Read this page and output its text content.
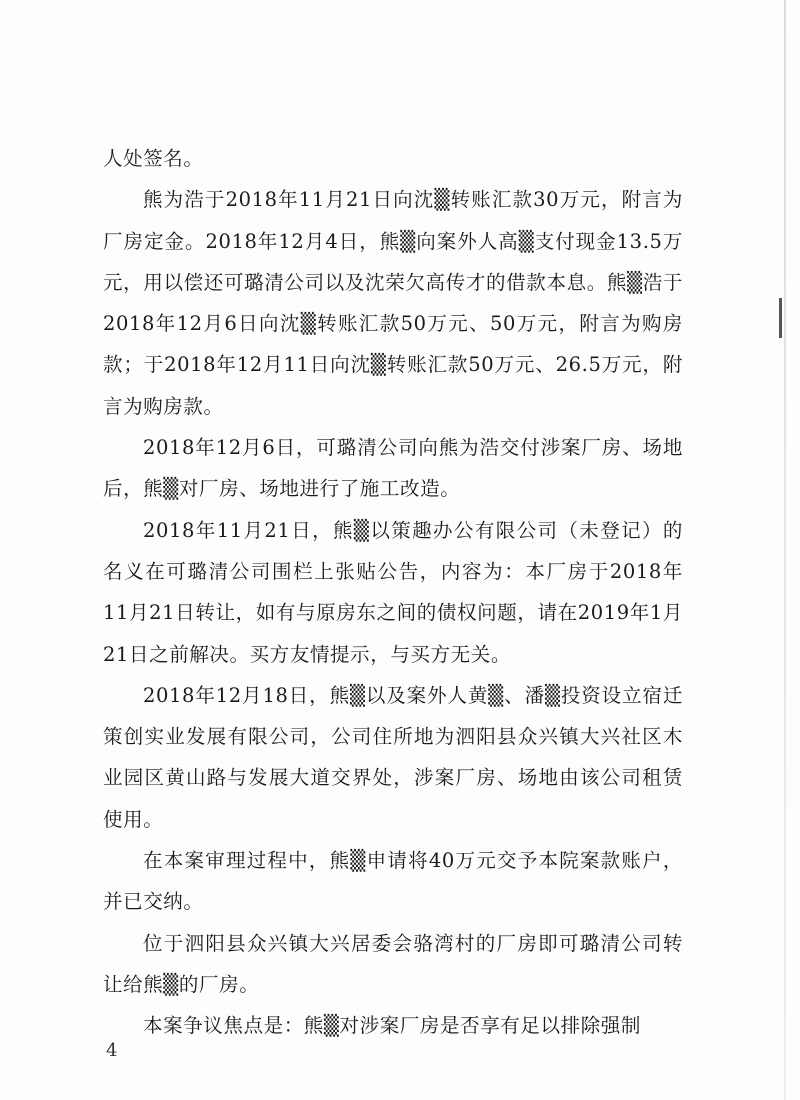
人处签名。

熊为浩于2018年11月21日向沈▒转账汇款30万元，附言为厂房定金。2018年12月4日，熊▒向案外人高▒支付现金13.5万元，用以偿还可璐清公司以及沈荣欠高传才的借款本息。熊▒浩于2018年12月6日向沈▒转账汇款50万元、50万元，附言为购房款；于2018年12月11日向沈▒转账汇款50万元、26.5万元，附言为购房款。

2018年12月6日，可璐清公司向熊为浩交付涉案厂房、场地后，熊▒对厂房、场地进行了施工改造。

2018年11月21日，熊▒以策趣办公有限公司（未登记）的名义在可璐清公司围栏上张贴公告，内容为：本厂房于2018年11月21日转让，如有与原房东之间的债权问题，请在2019年1月21日之前解决。买方友情提示，与买方无关。

2018年12月18日，熊▒以及案外人黄▒、潘▒投资设立宿迁策创实业发展有限公司，公司住所地为泗阳县众兴镇大兴社区木业园区黄山路与发展大道交界处，涉案厂房、场地由该公司租赁使用。

在本案审理过程中，熊▒申请将40万元交予本院案款账户，并已交纳。

位于泗阳县众兴镇大兴居委会骆湾村的厂房即可璐清公司转让给熊▒的厂房。

本案争议焦点是：熊▒对涉案厂房是否享有足以排除强制

4
